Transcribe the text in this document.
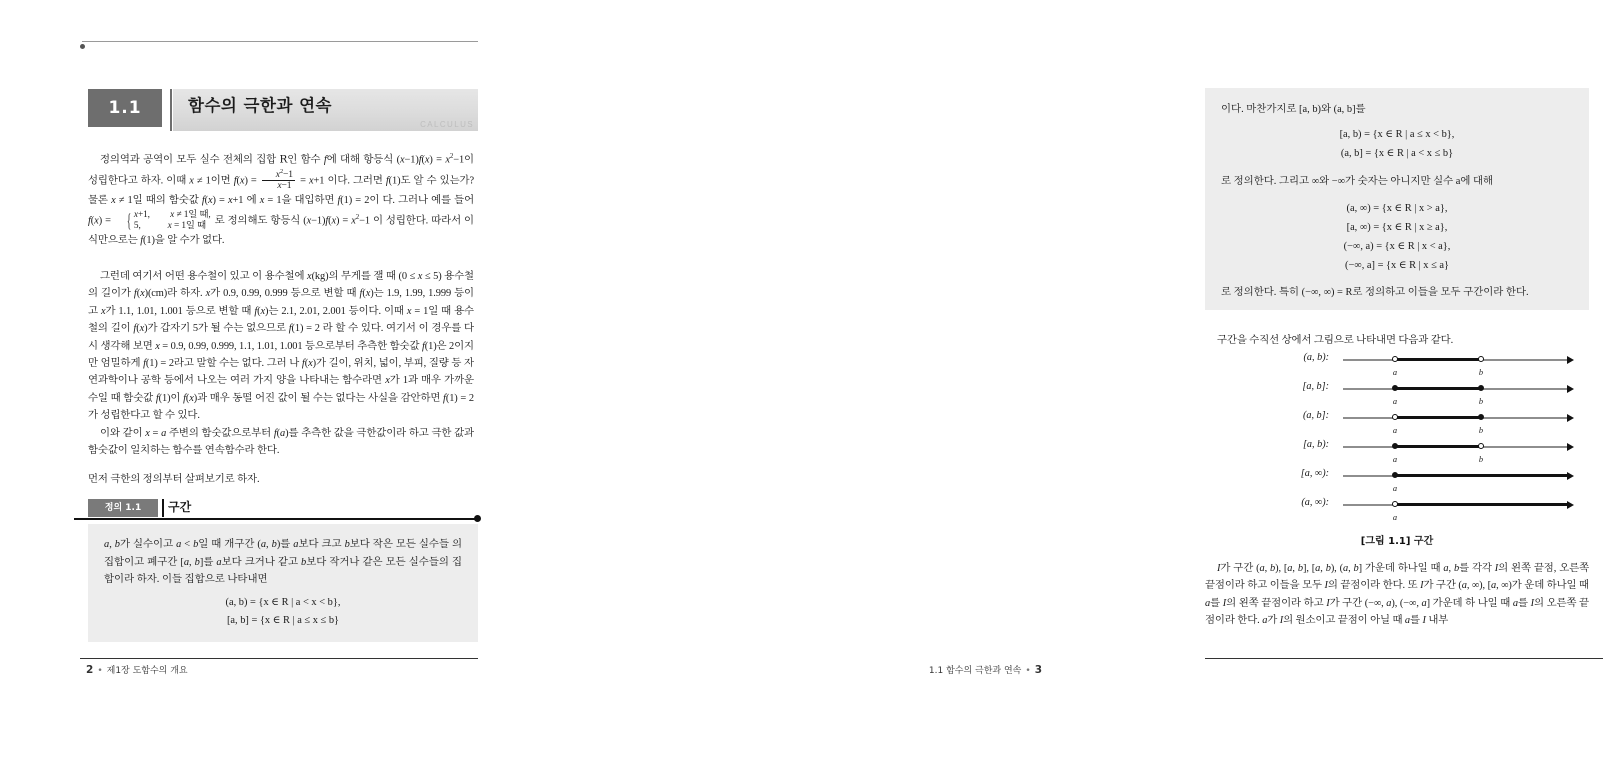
1.1	함수의 극한과 연속
CALCULUS

정의역과 공역이 모두 실수 전체의 집합 R인 함수 f에 대해 항등식 $(x-1)f(x) = x^2-1$이 성립한다고 하자. 이때 x ≠ 1이면 $f(x) = \frac{x^2-1}{x-1} = x+1$ 이다. 그러면 f(1)도 알 수 있는가? 물론 x ≠ 1일 때의 함숫값 f(x) = x+1 에 x = 1을 대입하면 f(1) = 2이 다. 그러나 예를 들어 f(x) =
{ x+1, x ≠ 1일 때,
5,	x = 1일 때 로 정의해도 항등식 $(x-1)f(x) = x^2-1$ 이 성립한다. 따라서 이 식만으로는 f(1)을 알 수가 없다.

그런데 여기서 어떤 용수철이 있고 이 용수철에 x(kg)의 무게를 잴 때 (0 ≤ x ≤ 5) 용수철의 길이가 f(x)(cm)라 하자. x가 0.9, 0.99, 0.999 등으로 변할 때 f(x)는 1.9, 1.99, 1.999 등이고 x가 1.1, 1.01, 1.001 등으로 변할 때 f(x)는 2.1, 2.01, 2.001 등이다. 이때 x = 1일 때 용수철의 길이 f(x)가 갑자기 5가 될 수는 없으므로 f(1) = 2 라 할 수 있다. 여기서 이 경우를 다시 생각해 보면 x = 0.9, 0.99, 0.999, 1.1, 1.01, 1.001 등으로부터 추측한 함숫값 f(1)은 2이지만 엄밀하게 f(1) = 2라고 말할 수는 없다. 그러 나 f(x)가 길이, 위치, 넓이, 부피, 질량 등 자연과학이나 공학 등에서 나오는 여러 가지 양을 나타내는 함수라면 x가 1과 매우 가까운 수일 때 함숫값 f(1)이 f(x)과 매우 동떨 어진 값이 될 수는 없다는 사실을 감안하면 f(1) = 2가 성립한다고 할 수 있다.

이와 같이 x = a 주변의 함숫값으로부터 f(a)를 추측한 값을 극한값이라 하고 극한 값과 함숫값이 일치하는 함수를 연속함수라 한다.

먼저 극한의 정의부터 살펴보기로 하자.
정의 1.1	구간
a, b가 실수이고 a < b일 때 개구간 (a, b)를 a보다 크고 b보다 작은 모든 실수들 의 집합이고 폐구간 [a, b]를 a보다 크거나 같고 b보다 작거나 같은 모든 실수들의 집합이라 하자. 이들 집합으로 나타내면
(a, b) = {x ∈ R | a < x < b},
[a, b] = {x ∈ R | a ≤ x ≤ b}
2 • 제1장 도함수의 개요
이다. 마찬가지로 [a, b)와 (a, b]를
[a, b) = {x ∈ R | a ≤ x < b},
(a, b] = {x ∈ R | a < x ≤ b}
로 정의한다. 그리고 ∞와 −∞가 숫자는 아니지만 실수 a에 대해
(a, ∞) = {x ∈ R | x > a},
[a, ∞) = {x ∈ R | x ≥ a},
(−∞, a) = {x ∈ R | x < a},
(−∞, a] = {x ∈ R | x ≤ a}
로 정의한다. 특히 (−∞, ∞) = R로 정의하고 이들을 모두 구간이라 한다.

구간을 수직선 상에서 그림으로 나타내면 다음과 같다.

(a, b):
a	b
[a, b]:
a	b
(a, b]:
a	b
[a, b):
a	b
[a, ∞):
a
(a, ∞):
a
[그림 1.1] 구간

I가 구간 (a, b), [a, b], [a, b), (a, b] 가운데 하나일 때 a, b를 각각 I의 왼쪽 끝점, 오른쪽 끝점이라 하고 이들을 모두 I의 끝점이라 한다. 또 I가 구간 (a, ∞), [a, ∞)가 운데 하나일 때 a를 I의 왼쪽 끝점이라 하고 I가 구간 (−∞, a), (−∞, a] 가운데 하 나일 때 a를 I의 오른쪽 끝점이라 한다. a가 I의 원소이고 끝점이 아닐 때 a를 I 내부

1.1 함수의 극한과 연속 • 3
